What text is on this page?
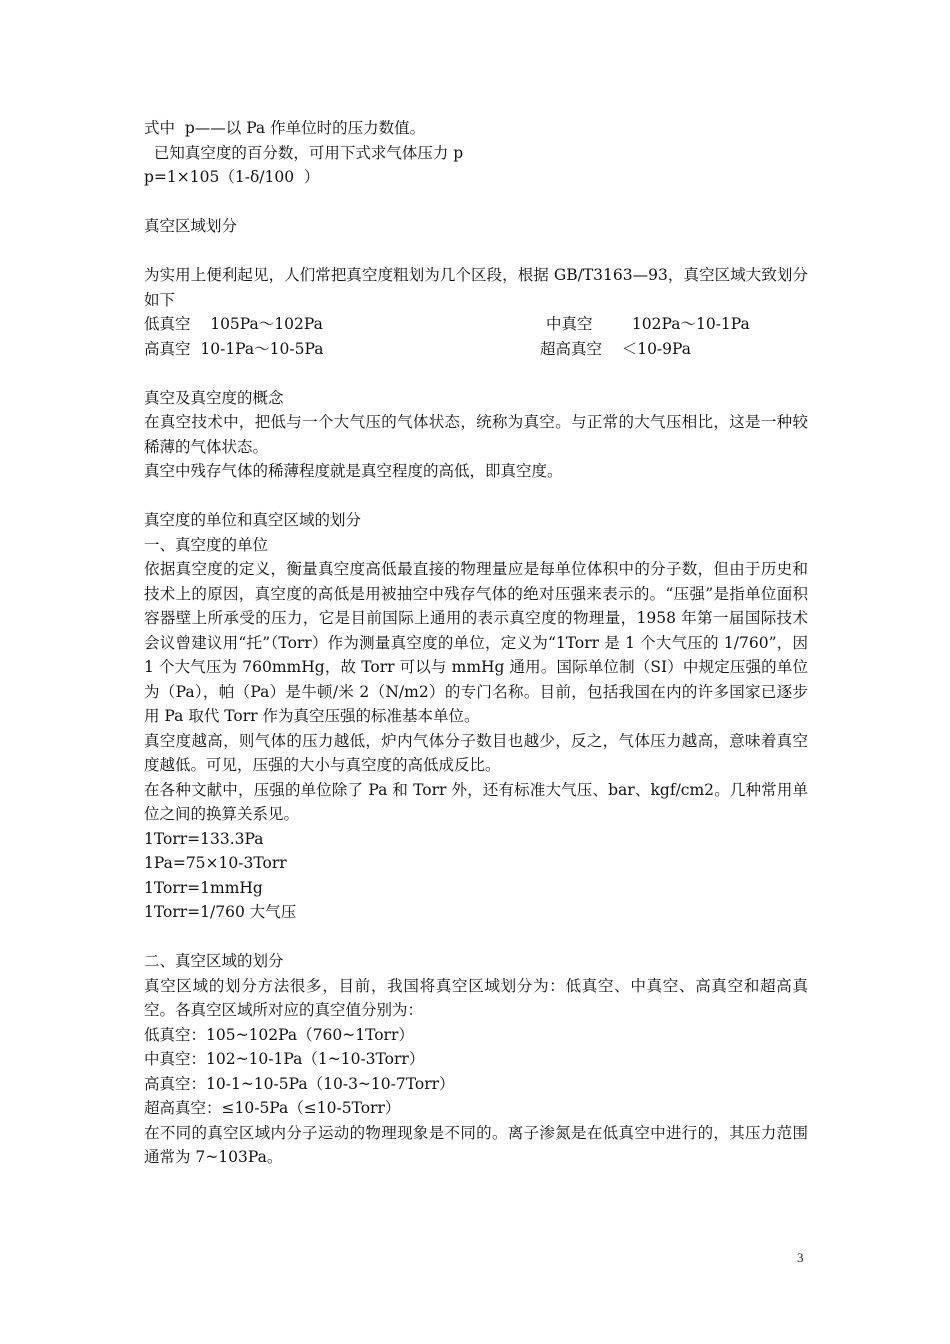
式中  p——以 Pa 作单位时的压力数值。

已知真空度的百分数，可用下式求气体压力 p

p=1×105（1-δ/100  ）

真空区域划分

为实用上便利起见，人们常把真空度粗划为几个区段，根据 GB/T3163—93，真空区域大致划分如下

低真空    105Pa～102Pa	中真空        102Pa～10-1Pa
高真空  10-1Pa～10-5Pa	超高真空    ＜10-9Pa

真空及真空度的概念

在真空技术中，把低与一个大气压的气体状态，统称为真空。与正常的大气压相比，这是一种较稀薄的气体状态。

真空中残存气体的稀薄程度就是真空程度的高低，即真空度。

真空度的单位和真空区域的划分

一、真空度的单位

依据真空度的定义，衡量真空度高低最直接的物理量应是每单位体积中的分子数，但由于历史和技术上的原因，真空度的高低是用被抽空中残存气体的绝对压强来表示的。“压强”是指单位面积容器壁上所承受的压力，它是目前国际上通用的表示真空度的物理量，1958 年第一届国际技术会议曾建议用“托”（Torr）作为测量真空度的单位，定义为“1Torr 是 1 个大气压的 1/760”，因 1 个大气压为 760mmHg，故 Torr 可以与 mmHg 通用。国际单位制（SI）中规定压强的单位为（Pa），帕（Pa）是牛顿/米 2（N/m2）的专门名称。目前，包括我国在内的许多国家已逐步用 Pa 取代 Torr 作为真空压强的标准基本单位。

真空度越高，则气体的压力越低，炉内气体分子数目也越少，反之，气体压力越高，意味着真空度越低。可见，压强的大小与真空度的高低成反比。

在各种文献中，压强的单位除了 Pa 和 Torr 外，还有标准大气压、bar、kgf/cm2。几种常用单位之间的换算关系见。

1Torr=133.3Pa

1Pa=75×10-3Torr

1Torr=1mmHg

1Torr=1/760 大气压

二、真空区域的划分

真空区域的划分方法很多，目前，我国将真空区域划分为：低真空、中真空、高真空和超高真空。各真空区域所对应的真空值分别为：

低真空：105~102Pa（760~1Torr）

中真空：102~10-1Pa（1~10-3Torr）

高真空：10-1~10-5Pa（10-3~10-7Torr）

超高真空：≤10-5Pa（≤10-5Torr）

在不同的真空区域内分子运动的物理现象是不同的。离子渗氮是在低真空中进行的，其压力范围通常为 7~103Pa。

3
